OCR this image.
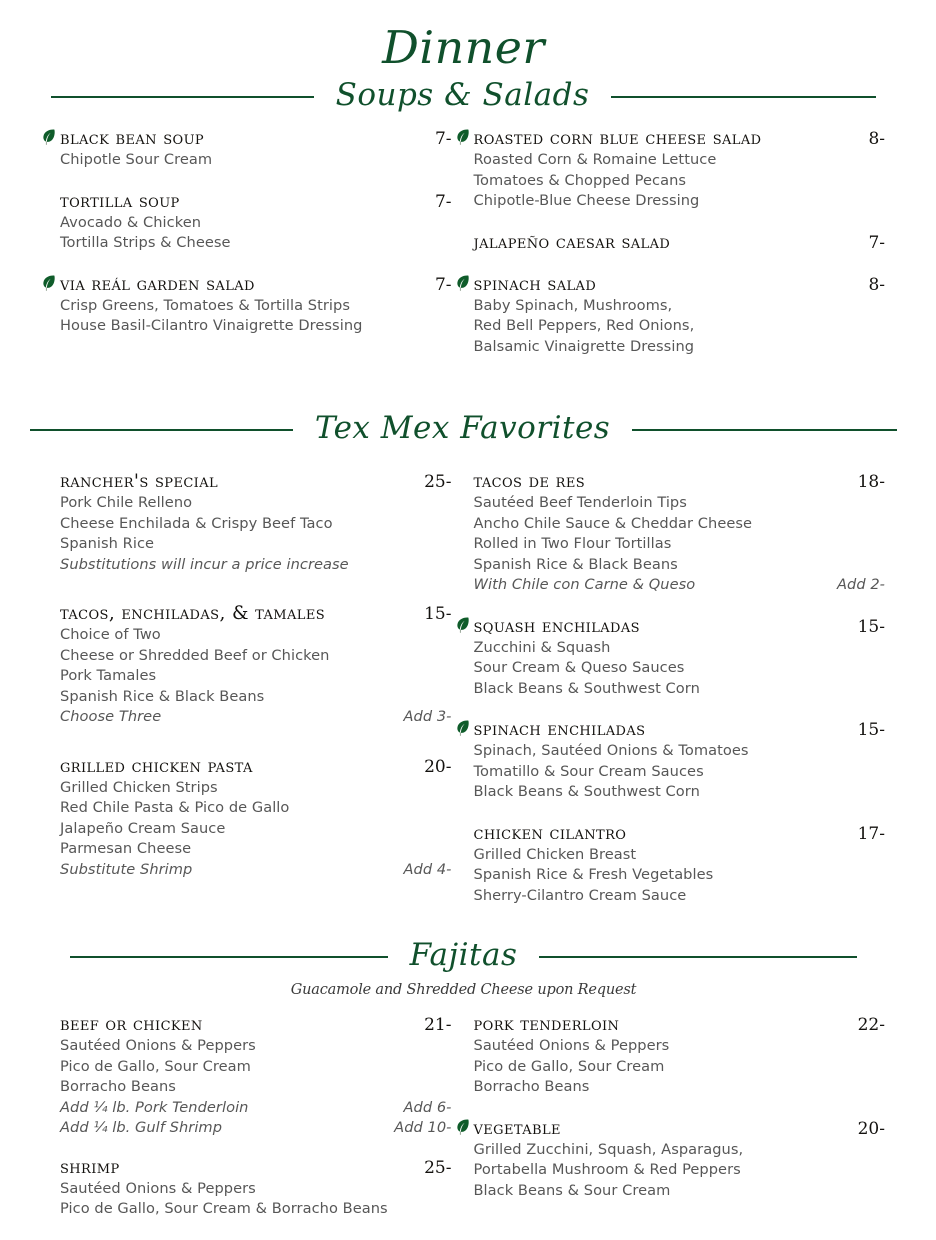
Dinner
Soups & Salads
black bean soup	7-
Chipotle Sour Cream
tortilla soup	7-
Avocado & Chicken
Tortilla Strips & Cheese
via reál garden salad	7-
Crisp Greens, Tomatoes & Tortilla Strips
House Basil-Cilantro Vinaigrette Dressing
roasted corn blue cheese salad	8-
Roasted Corn & Romaine Lettuce
Tomatoes & Chopped Pecans
Chipotle-Blue Cheese Dressing
jalapeño caesar salad	7-
spinach salad	8-
Baby Spinach, Mushrooms,
Red Bell Peppers, Red Onions,
Balsamic Vinaigrette Dressing
Tex Mex Favorites
rancher's special	25-
Pork Chile Relleno
Cheese Enchilada & Crispy Beef Taco
Spanish Rice
Substitutions will incur a price increase
tacos, enchiladas, & tamales	15-
Choice of Two
Cheese or Shredded Beef or Chicken
Pork Tamales
Spanish Rice & Black Beans
Choose Three	Add 3-
grilled chicken pasta	20-
Grilled Chicken Strips
Red Chile Pasta & Pico de Gallo
Jalapeño Cream Sauce
Parmesan Cheese
Substitute Shrimp	Add 4-
tacos de res	18-
Sautéed Beef Tenderloin Tips
Ancho Chile Sauce & Cheddar Cheese
Rolled in Two Flour Tortillas
Spanish Rice & Black Beans
With Chile con Carne & Queso	Add 2-
squash enchiladas	15-
Zucchini & Squash
Sour Cream & Queso Sauces
Black Beans & Southwest Corn
spinach enchiladas	15-
Spinach, Sautéed Onions & Tomatoes
Tomatillo & Sour Cream Sauces
Black Beans & Southwest Corn
chicken cilantro	17-
Grilled Chicken Breast
Spanish Rice & Fresh Vegetables
Sherry-Cilantro Cream Sauce
Fajitas
Guacamole and Shredded Cheese upon Request
beef or chicken	21-
Sautéed Onions & Peppers
Pico de Gallo, Sour Cream
Borracho Beans
Add ¼ lb. Pork Tenderloin	Add 6-
Add ¼ lb. Gulf Shrimp	Add 10-
shrimp	25-
Sautéed Onions & Peppers
Pico de Gallo, Sour Cream & Borracho Beans
pork tenderloin	22-
Sautéed Onions & Peppers
Pico de Gallo, Sour Cream
Borracho Beans
vegetable	20-
Grilled Zucchini, Squash, Asparagus,
Portabella Mushroom & Red Peppers
Black Beans & Sour Cream
